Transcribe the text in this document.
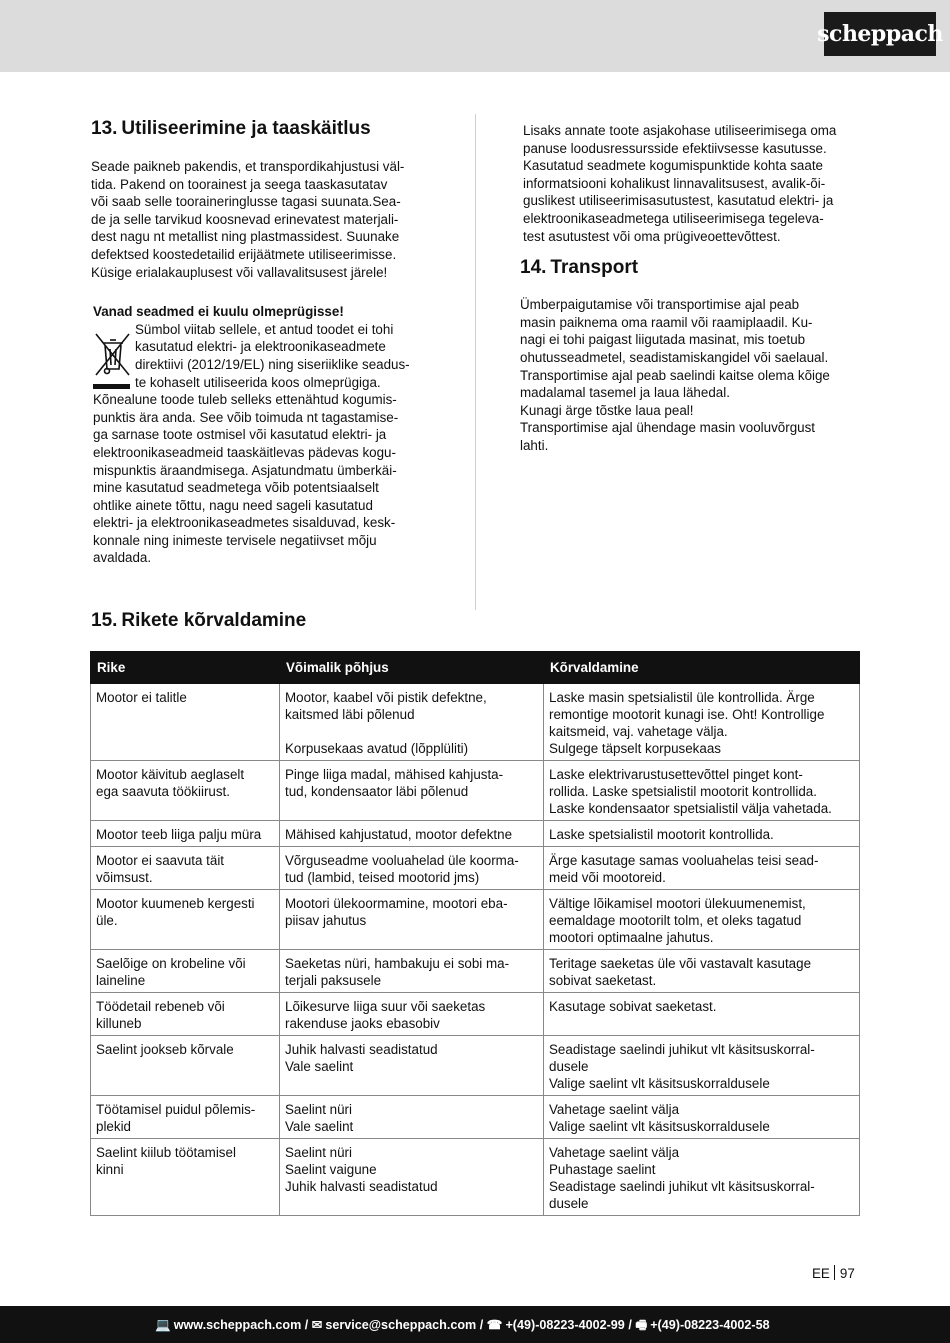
scheppach
13. Utiliseerimine ja taaskäitlus
Seade paikneb pakendis, et transpordikahjustusi väl-
tida. Pakend on toorainest ja seega taaskasutatav
või saab selle tooraineringlusse tagasi suunata.Sea-
de ja selle tarvikud koosnevad erinevatest materjali-
dest nagu nt metallist ning plastmassidest. Suunake
defektsed koostedetailid erijäätmete utiliseerimisse.
Küsige erialakauplusest või vallavalitsusest järele!
Vanad seadmed ei kuulu olmeprügisse!
Sümbol viitab sellele, et antud toodet ei tohi
kasutatud elektri- ja elektroonikaseadmete
direktiivi (2012/19/EL) ning siseriiklike seadus-
te kohaselt utiliseerida koos olmeprügiga.
Kõnealune toode tuleb selleks ettenähtud kogumis-
punktis ära anda. See võib toimuda nt tagastamise-
ga sarnase toote ostmisel või kasutatud elektri- ja
elektroonikaseadmeid taaskäitlevas pädevas kogu-
mispunktis äraandmisega. Asjatundmatu ümberkäi-
mine kasutatud seadmetega võib potentsiaalselt
ohtlike ainete tõttu, nagu need sageli kasutatud
elektri- ja elektroonikaseadmetes sisalduvad, kesk-
konnale ning inimeste tervisele negatiivset mõju
avaldada.
Lisaks annate toote asjakohase utiliseerimisega oma
panuse loodusressursside efektiivsesse kasutusse.
Kasutatud seadmete kogumispunktide kohta saate
informatsiooni kohalikust linnavalitsusest, avalik-õi-
guslikest utiliseerimisasutustest, kasutatud elektri- ja
elektroonikaseadmetega utiliseerimisega tegeleva-
test asutustest või oma prügiveoettevõttest.
14. Transport
Ümberpaigutamise või transportimise ajal peab
masin paiknema oma raamil või raamiplaadil. Ku-
nagi ei tohi paigast liigutada masinat, mis toetub
ohutusseadmetel, seadistamiskangidel või saelaual.
Transportimise ajal peab saelindi kaitse olema kõige
madalamal tasemel ja laua lähedal.
Kunagi ärge tõstke laua peal!
Transportimise ajal ühendage masin vooluvõrgust
lahti.
15. Rikete kõrvaldamine
Rike	Võimalik põhjus	Kõrvaldamine

Mootor ei talitle	Mootor, kaabel või pistik defektne,
kaitsmed läbi põlenud
Korpusekaas avatud (lõpplüliti)	Laske masin spetsialistil üle kontrollida. Ärge
remontige mootorit kunagi ise. Oht! Kontrollige
kaitsmeid, vaj. vahetage välja.
Sulgege täpselt korpusekaas

Mootor käivitub aeglaselt
ega saavuta töökiirust.	Pinge liiga madal, mähised kahjusta-
tud, kondensaator läbi põlenud	Laske elektrivarustusettevõttel pinget kont-
rollida. Laske spetsialistil mootorit kontrollida.
Laske kondensaator spetsialistil välja vahetada.

Mootor teeb liiga palju müra	Mähised kahjustatud, mootor defektne	Laske spetsialistil mootorit kontrollida.

Mootor ei saavuta täit
võimsust.	Võrguseadme vooluahelad üle koorma-
tud (lambid, teised mootorid jms)	Ärge kasutage samas vooluahelas teisi sead-
meid või mootoreid.

Mootor kuumeneb kergesti
üle.	Mootori ülekoormamine, mootori eba-
piisav jahutus	Vältige lõikamisel mootori ülekuumenemist,
eemaldage mootorilt tolm, et oleks tagatud
mootori optimaalne jahutus.

Saelõige on krobeline või
laineline	Saeketas nüri, hambakuju ei sobi ma-
terjali paksusele	Teritage saeketas üle või vastavalt kasutage
sobivat saeketast.

Töödetail rebeneb või
killuneb	Lõikesurve liiga suur või saeketas
rakenduse jaoks ebasobiv	Kasutage sobivat saeketast.

Saelint jookseb kõrvale	Juhik halvasti seadistatud
Vale saelint	Seadistage saelindi juhikut vlt käsitsuskorral-
dusele
Valige saelint vlt käsitsuskorraldusele

Töötamisel puidul põlemis-
plekid	Saelint nüri
Vale saelint	Vahetage saelint välja
Valige saelint vlt käsitsuskorraldusele

Saelint kiilub töötamisel
kinni	Saelint nüri
Saelint vaigune
Juhik halvasti seadistatud	Vahetage saelint välja
Puhastage saelint
Seadistage saelindi juhikut vlt käsitsuskorral-
dusele
EE 97
💻 www.scheppach.com / ✉ service@scheppach.com / ☎ +(49)-08223-4002-99 / 🖷 +(49)-08223-4002-58
